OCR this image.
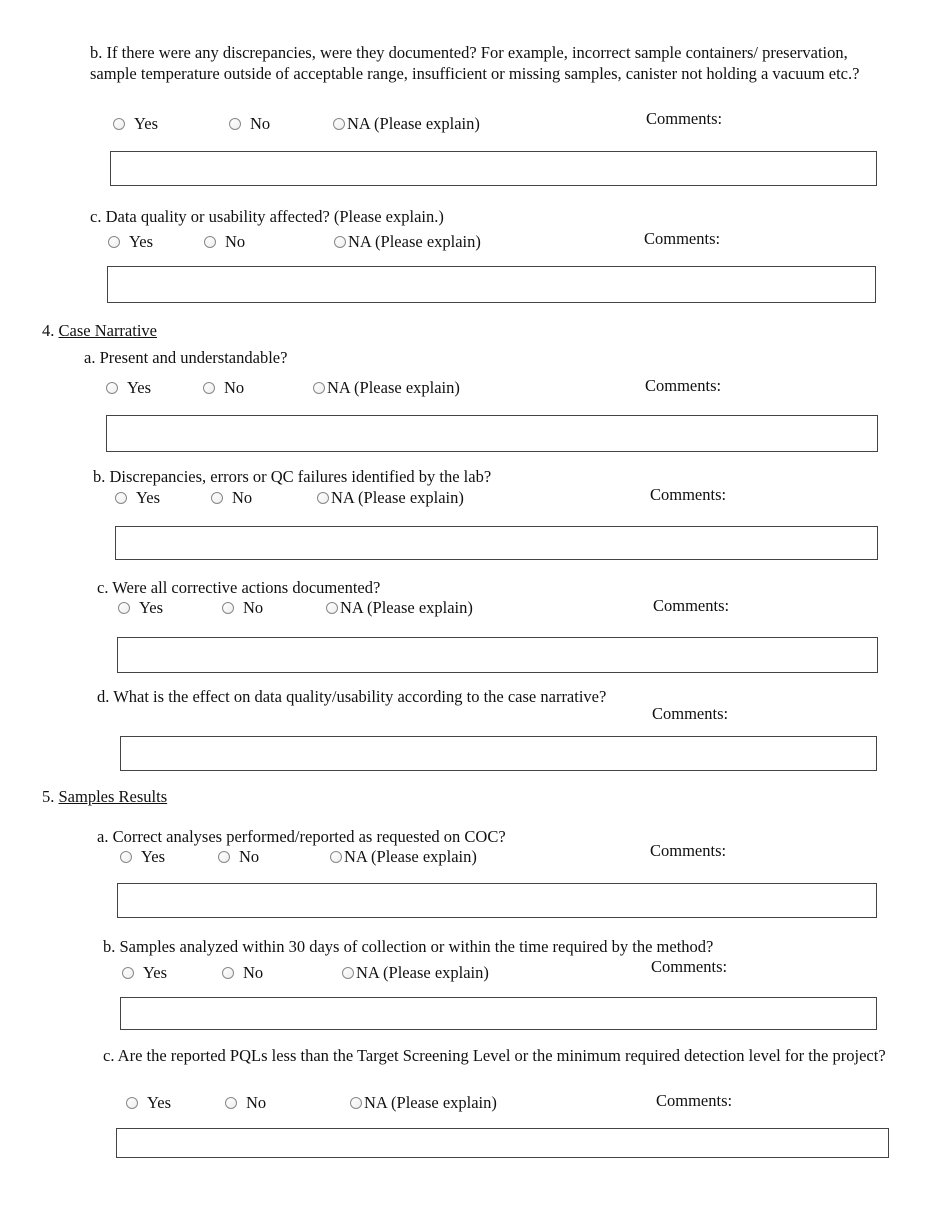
4. Case Narrative
5. Samples Results
b. If there were any discrepancies, were they documented? For example, incorrect sample containers/ preservation, sample temperature outside of acceptable range, insufficient or missing samples, canister not holding a vacuum etc.?
Yes	No	NA (Please explain)	Comments:
c. Data quality or usability affected? (Please explain.)
Yes	No	NA (Please explain)	Comments:
a. Present and understandable?
Yes	No	NA (Please explain)	Comments:
b. Discrepancies, errors or QC failures identified by the lab?
Yes	No	NA (Please explain)	Comments:
c. Were all corrective actions documented?
Yes	No	NA (Please explain)	Comments:
d. What is the effect on data quality/usability according to the case narrative?
Comments:
a. Correct analyses performed/reported as requested on COC?
Yes	No	NA (Please explain)	Comments:
b. Samples analyzed within 30 days of collection or within the time required by the method?
Yes	No	NA (Please explain)	Comments:
c. Are the reported PQLs less than the Target Screening Level or the minimum required detection level for the project?
Yes	No	NA (Please explain)	Comments:
